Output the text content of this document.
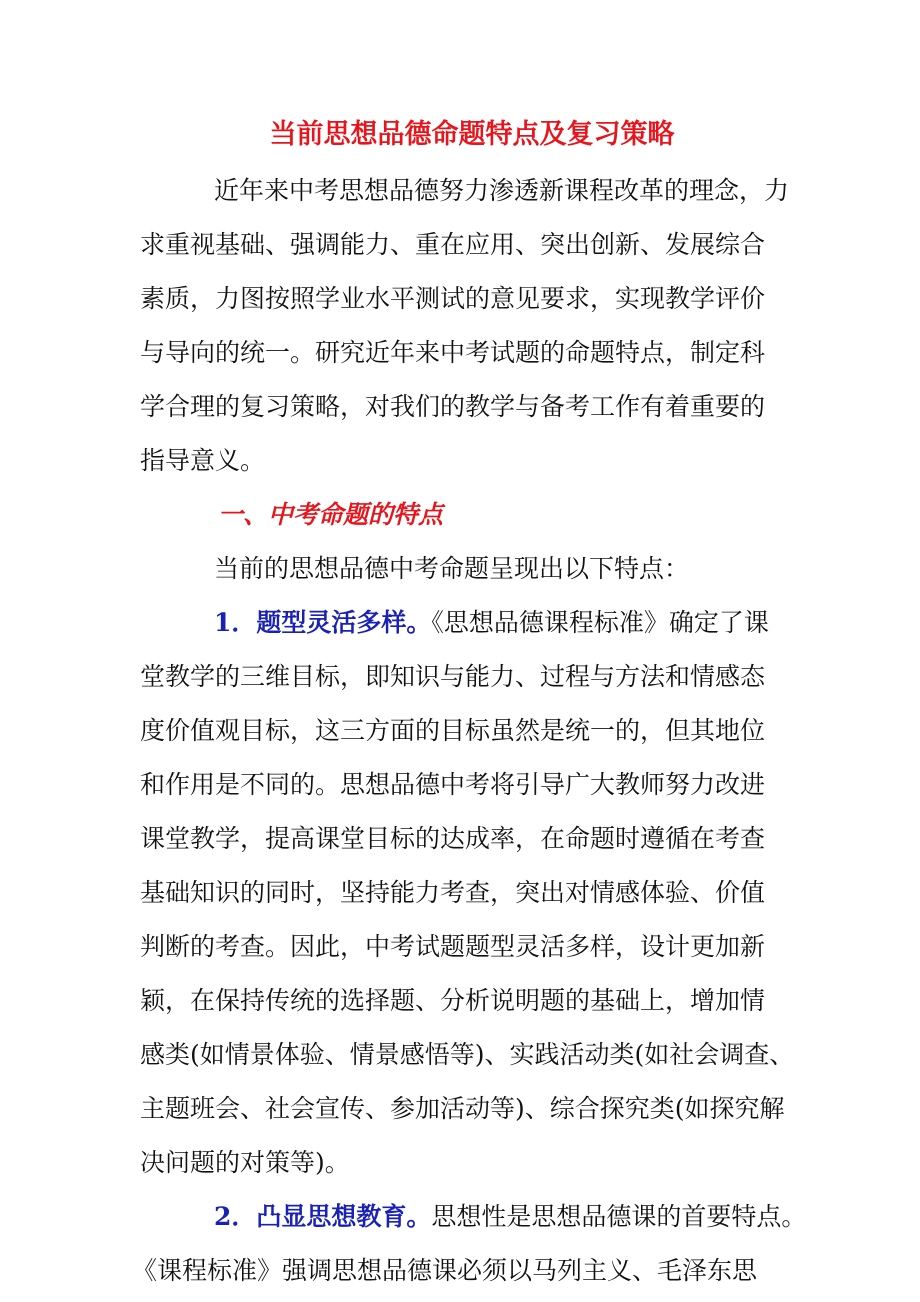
当前思想品德命题特点及复习策略
近年来中考思想品德努力渗透新课程改革的理念，力
求重视基础、强调能力、重在应用、突出创新、发展综合
素质，力图按照学业水平测试的意见要求，实现教学评价
与导向的统一。研究近年来中考试题的命题特点，制定科
学合理的复习策略，对我们的教学与备考工作有着重要的
指导意义。
一、中考命题的特点
当前的思想品德中考命题呈现出以下特点：
1．题型灵活多样。《思想品德课程标准》确定了课
堂教学的三维目标，即知识与能力、过程与方法和情感态
度价值观目标，这三方面的目标虽然是统一的，但其地位
和作用是不同的。思想品德中考将引导广大教师努力改进
课堂教学，提高课堂目标的达成率，在命题时遵循在考查
基础知识的同时，坚持能力考查，突出对情感体验、价值
判断的考查。因此，中考试题题型灵活多样，设计更加新
颖，在保持传统的选择题、分析说明题的基础上，增加情
感类(如情景体验、情景感悟等)、实践活动类(如社会调查、
主题班会、社会宣传、参加活动等)、综合探究类(如探究解
决问题的对策等)。
2．凸显思想教育。思想性是思想品德课的首要特点。
《课程标准》强调思想品德课必须以马列主义、毛泽东思
